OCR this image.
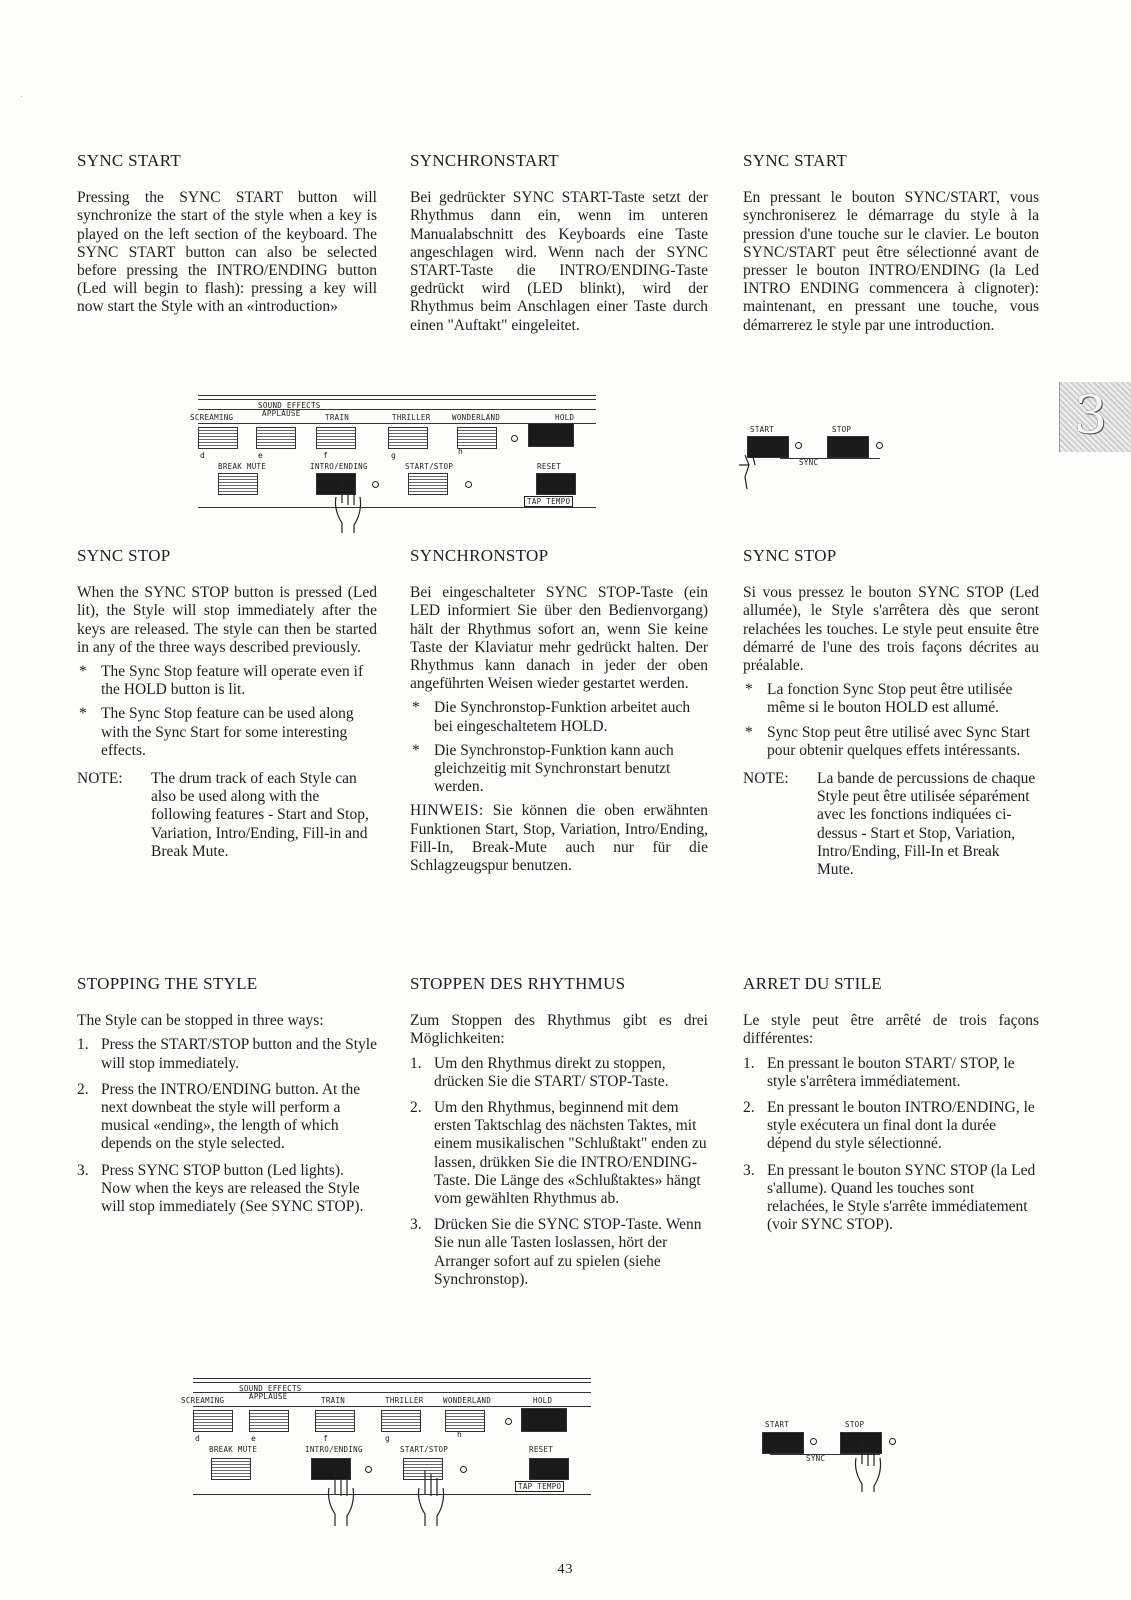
SYNC START

Pressing the SYNC START button will synchronize the start of the style when a key is played on the left section of the keyboard. The SYNC START button can also be selected before pressing the INTRO/ENDING button (Led will begin to flash): pressing a key will now start the Style with an «introduction»

SYNCHRONSTART

Bei gedrückter SYNC START-Taste setzt der Rhythmus dann ein, wenn im unteren Manualabschnitt des Keyboards eine Taste angeschlagen wird. Wenn nach der SYNC START-Taste die INTRO/ENDING-Taste gedrückt wird (LED blinkt), wird der Rhythmus beim Anschlagen einer Taste durch einen "Auftakt" eingeleitet.

SYNC START

En pressant le bouton SYNC/START, vous synchroniserez le démarrage du style à la pression d'une touche sur le clavier. Le bouton SYNC/START peut être sélectionné avant de presser le bouton INTRO/ENDING (la Led INTRO ENDING commencera à clignoter): maintenant, en pressant une touche, vous démarrerez le style par une introduction.

3
SOUND EFFECTS
SCREAMING	APPLAUSE	TRAIN	THRILLER	WONDERLAND	HOLD
d	e	f	g	h
BREAK MUTE	INTRO/ENDING	START/STOP	RESET
TAP TEMPO
START	STOP
SYNC
SYNC STOP

When the SYNC STOP button is pressed (Led lit), the Style will stop immediately after the keys are released. The style can then be started in any of the three ways described previously.

* The Sync Stop feature will operate even if the HOLD button is lit.
* The Sync Stop feature can be used along with the Sync Start for some interesting effects.
NOTE:	The drum track of each Style can also be used along with the following features - Start and Stop, Variation, Intro/Ending, Fill-in and Break Mute.
SYNCHRONSTOP

Bei eingeschalteter SYNC STOP-Taste (ein LED informiert Sie über den Bedienvorgang) hält der Rhythmus sofort an, wenn Sie keine Taste der Klaviatur mehr gedrückt halten. Der Rhythmus kann danach in jeder der oben angeführten Weisen wieder gestartet werden.

* Die Synchronstop-Funktion arbeitet auch bei eingeschaltetem HOLD.
* Die Synchronstop-Funktion kann auch gleichzeitig mit Synchronstart benutzt werden.

HINWEIS: Sie können die oben erwähnten Funktionen Start, Stop, Variation, Intro/Ending, Fill-In, Break-Mute auch nur für die Schlagzeugspur benutzen.

SYNC STOP

Si vous pressez le bouton SYNC STOP (Led allumée), le Style s'arrêtera dès que seront relachées les touches. Le style peut ensuite être démarré de l'une des trois façons décrites au préalable.

* La fonction Sync Stop peut être utilisée même si le bouton HOLD est allumé.
* Sync Stop peut être utilisé avec Sync Start pour obtenir quelques effets intéressants.
NOTE:	La bande de percussions de chaque Style peut être utilisée séparément avec les fonctions indiquées ci-dessus - Start et Stop, Variation, Intro/Ending, Fill-In et Break Mute.
STOPPING THE STYLE

The Style can be stopped in three ways:

1. Press the START/STOP button and the Style will stop immediately.
2. Press the INTRO/ENDING button. At the next downbeat the style will perform a musical «ending», the length of which depends on the style selected.
3. Press SYNC STOP button (Led lights). Now when the keys are released the Style will stop immediately (See SYNC STOP).
STOPPEN DES RHYTHMUS

Zum Stoppen des Rhythmus gibt es drei Möglichkeiten:

1. Um den Rhythmus direkt zu stoppen, drücken Sie die START/ STOP-Taste.
2. Um den Rhythmus, beginnend mit dem ersten Taktschlag des nächsten Taktes, mit einem musikalischen "Schlußtakt" enden zu lassen, drükken Sie die INTRO/ENDING- Taste. Die Länge des «Schlußtaktes» hängt vom gewählten Rhythmus ab.
3. Drücken Sie die SYNC STOP-Taste. Wenn Sie nun alle Tasten loslassen, hört der Arranger sofort auf zu spielen (siehe Synchronstop).
ARRET DU STILE

Le style peut être arrêté de trois façons différentes:

1. En pressant le bouton START/ STOP, le style s'arrêtera immédiatement.
2. En pressant le bouton INTRO/ENDING, le style exécutera un final dont la durée dépend du style sélectionné.
3. En pressant le bouton SYNC STOP (la Led s'allume). Quand les touches sont relachées, le Style s'arrête immédiatement (voir SYNC STOP).
SOUND EFFECTS
SCREAMING	APPLAUSE	TRAIN	THRILLER	WONDERLAND	HOLD
d	e	f	g	h
BREAK MUTE	INTRO/ENDING	START/STOP	RESET
TAP TEMPO
START	STOP
SYNC
43
